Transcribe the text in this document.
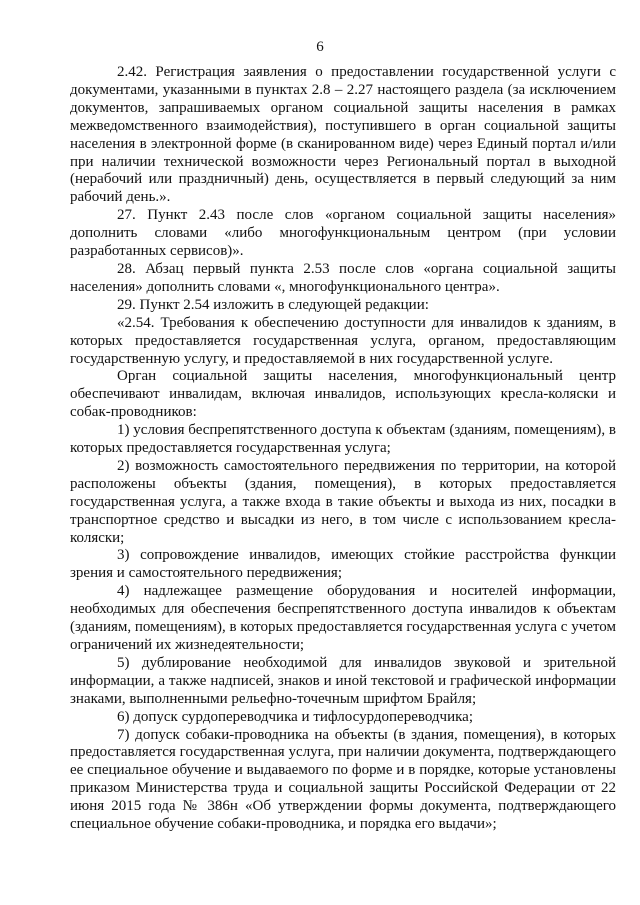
6

2.42. Регистрация заявления о предоставлении государственной услуги с документами, указанными в пунктах 2.8 – 2.27 настоящего раздела (за исключением документов, запрашиваемых органом социальной защиты населения в рамках межведомственного взаимодействия), поступившего в орган социальной защиты населения в электронной форме (в сканированном виде) через Единый портал и/или при наличии технической возможности через Региональный портал в выходной (нерабочий или праздничный) день, осуществляется в первый следующий за ним рабочий день.».

27. Пункт 2.43 после слов «органом социальной защиты населения» дополнить словами «либо многофункциональным центром (при условии разработанных сервисов)».

28. Абзац первый пункта 2.53 после слов «органа социальной защиты населения» дополнить словами «, многофункционального центра».

29. Пункт 2.54 изложить в следующей редакции:

«2.54. Требования к обеспечению доступности для инвалидов к зданиям, в которых предоставляется государственная услуга, органом, предоставляющим государственную услугу, и предоставляемой в них государственной услуге.

Орган социальной защиты населения, многофункциональный центр обеспечивают инвалидам, включая инвалидов, использующих кресла-коляски и собак-проводников:

1) условия беспрепятственного доступа к объектам (зданиям, помещениям), в которых предоставляется государственная услуга;

2) возможность самостоятельного передвижения по территории, на которой расположены объекты (здания, помещения), в которых предоставляется государственная услуга, а также входа в такие объекты и выхода из них, посадки в транспортное средство и высадки из него, в том числе с использованием кресла-коляски;

3) сопровождение инвалидов, имеющих стойкие расстройства функции зрения и самостоятельного передвижения;

4) надлежащее размещение оборудования и носителей информации, необходимых для обеспечения беспрепятственного доступа инвалидов к объектам (зданиям, помещениям), в которых предоставляется государственная услуга с учетом ограничений их жизнедеятельности;

5) дублирование необходимой для инвалидов звуковой и зрительной информации, а также надписей, знаков и иной текстовой и графической информации знаками, выполненными рельефно-точечным шрифтом Брайля;

6) допуск сурдопереводчика и тифлосурдопереводчика;

7) допуск собаки-проводника на объекты (в здания, помещения), в которых предоставляется государственная услуга, при наличии документа, подтверждающего ее специальное обучение и выдаваемого по форме и в порядке, которые установлены приказом Министерства труда и социальной защиты Российской Федерации от 22 июня 2015 года № 386н «Об утверждении формы документа, подтверждающего специальное обучение собаки-проводника, и порядка его выдачи»;
